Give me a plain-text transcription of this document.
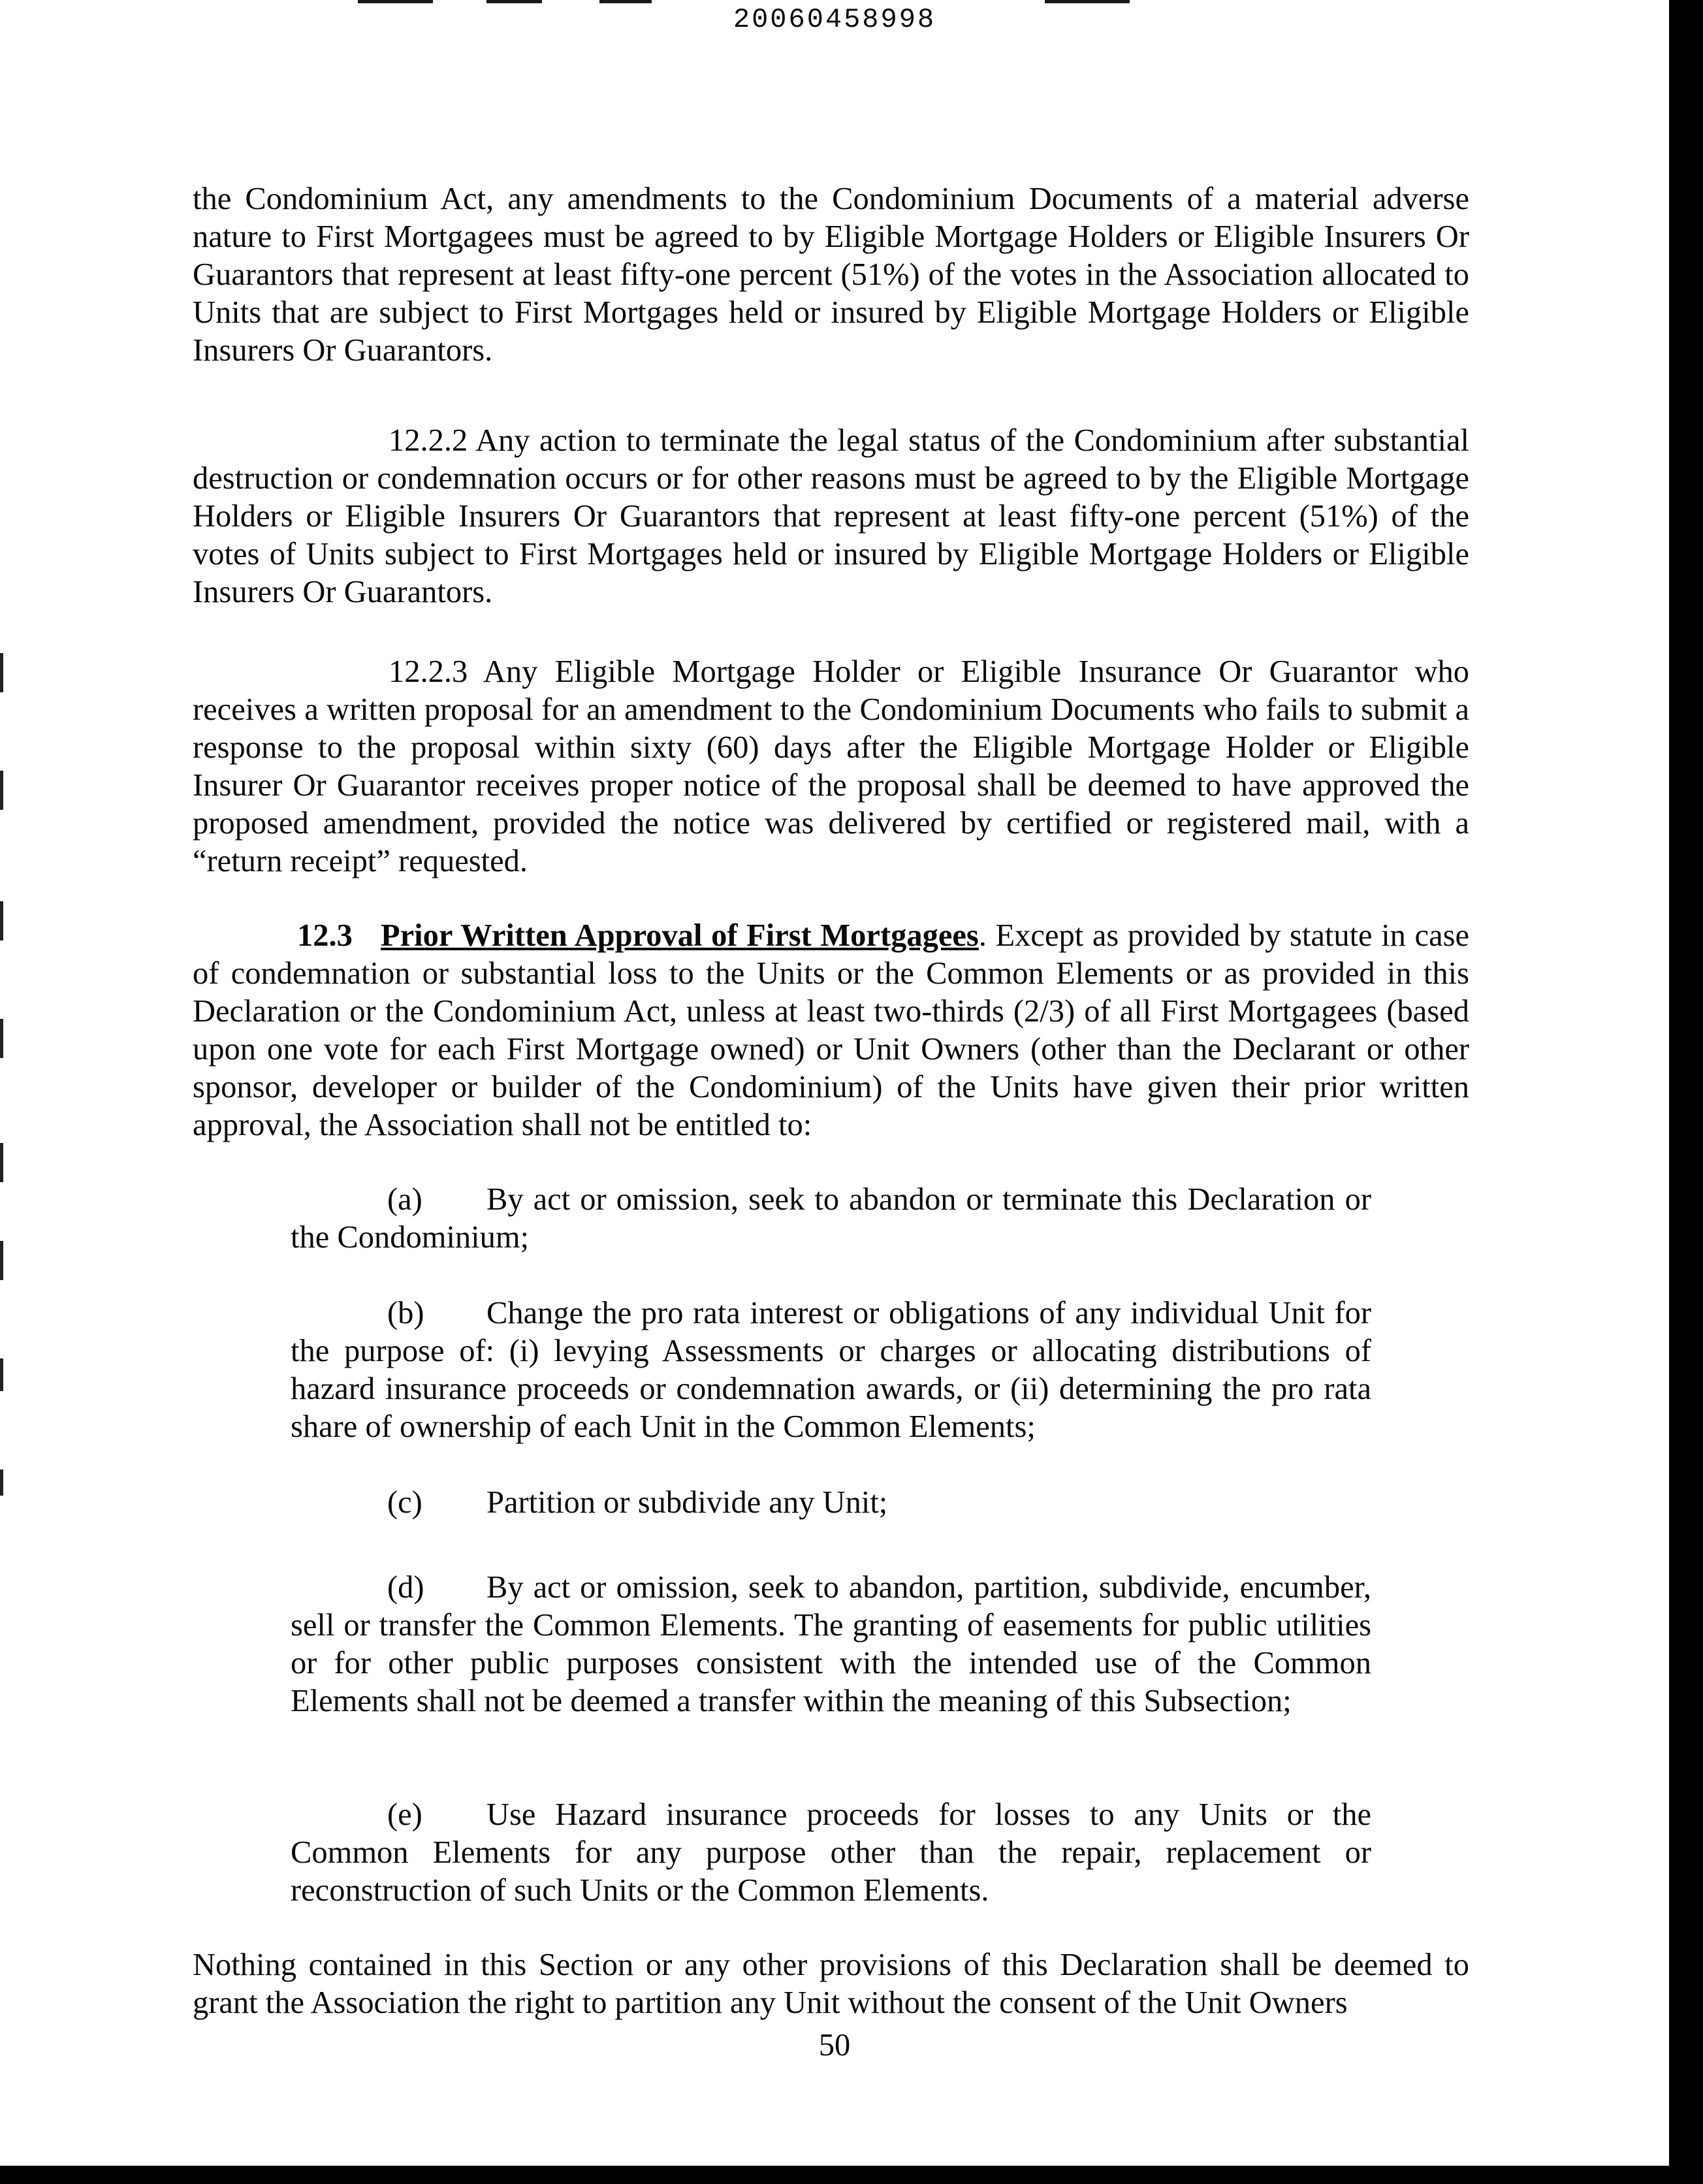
20060458998

the Condominium Act, any amendments to the Condominium Documents of a material adverse nature to First Mortgagees must be agreed to by Eligible Mortgage Holders or Eligible Insurers Or Guarantors that represent at least fifty-one percent (51%) of the votes in the Association allocated to Units that are subject to First Mortgages held or insured by Eligible Mortgage Holders or Eligible Insurers Or Guarantors.

12.2.2 Any action to terminate the legal status of the Condominium after substantial destruction or condemnation occurs or for other reasons must be agreed to by the Eligible Mortgage Holders or Eligible Insurers Or Guarantors that represent at least fifty-one percent (51%) of the votes of Units subject to First Mortgages held or insured by Eligible Mortgage Holders or Eligible Insurers Or Guarantors.

12.2.3 Any Eligible Mortgage Holder or Eligible Insurance Or Guarantor who receives a written proposal for an amendment to the Condominium Documents who fails to submit a response to the proposal within sixty (60) days after the Eligible Mortgage Holder or Eligible Insurer Or Guarantor receives proper notice of the proposal shall be deemed to have approved the proposed amendment, provided the notice was delivered by certified or registered mail, with a “return receipt” requested.

12.3 Prior Written Approval of First Mortgagees. Except as provided by statute in case of condemnation or substantial loss to the Units or the Common Elements or as provided in this Declaration or the Condominium Act, unless at least two-thirds (2/3) of all First Mortgagees (based upon one vote for each First Mortgage owned) or Unit Owners (other than the Declarant or other sponsor, developer or builder of the Condominium) of the Units have given their prior written approval, the Association shall not be entitled to:

(a) By act or omission, seek to abandon or terminate this Declaration or the Condominium;

(b) Change the pro rata interest or obligations of any individual Unit for the purpose of: (i) levying Assessments or charges or allocating distributions of hazard insurance proceeds or condemnation awards, or (ii) determining the pro rata share of ownership of each Unit in the Common Elements;

(c) Partition or subdivide any Unit;

(d) By act or omission, seek to abandon, partition, subdivide, encumber, sell or transfer the Common Elements. The granting of easements for public utilities or for other public purposes consistent with the intended use of the Common Elements shall not be deemed a transfer within the meaning of this Subsection;

(e) Use Hazard insurance proceeds for losses to any Units or the Common Elements for any purpose other than the repair, replacement or reconstruction of such Units or the Common Elements.

Nothing contained in this Section or any other provisions of this Declaration shall be deemed to grant the Association the right to partition any Unit without the consent of the Unit Owners

50
